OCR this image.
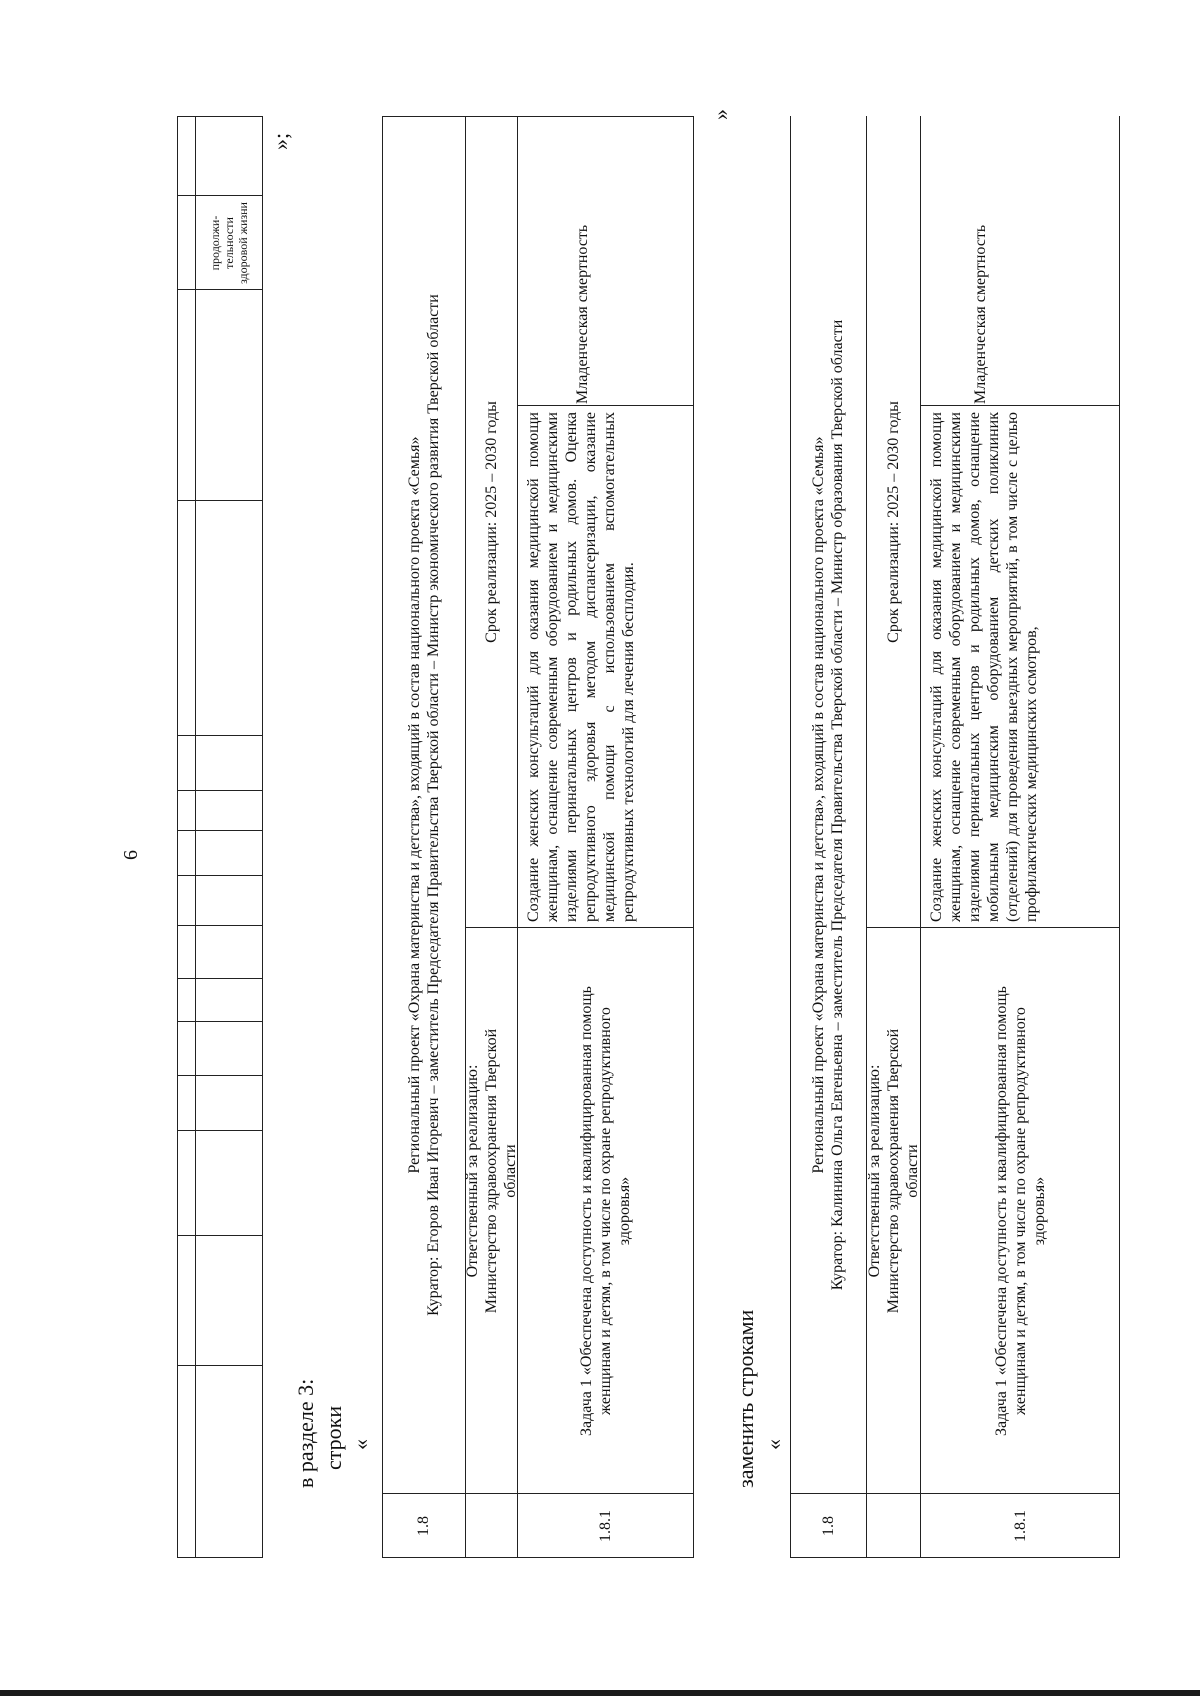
6
продолжи-тельности здоровой жизни
»;
в разделе 3: строки «
1.8
Региональный проект «Охрана материнства и детства», входящий в состав национального проекта «Семья» Куратор: Егоров Иван Игоревич – заместитель Председателя Правительства Тверской области – Министр экономического развития Тверской области Ответственный за реализацию: Министерство здравоохранения Тверской области
Срок реализации: 2025 – 2030 годы
1.8.1
Задача 1 «Обеспечена доступность и квалифицированная помощь женщинам и детям, в том числе по охране репродуктивного здоровья»
Создание женских консультаций для оказания медицинской помощи женщинам, оснащение современным оборудованием и медицинскими изделиями перинатальных центров и родильных домов. Оценка репродуктивного здоровья методом диспансеризации, оказание медицинской помощи с использованием вспомогательных репродуктивных технологий для лечения бесплодия.
Младенческая смертность
»
заменить строками «
1.8
Региональный проект «Охрана материнства и детства», входящий в состав национального проекта «Семья» Куратор: Калинина Ольга Евгеньевна – заместитель Председателя Правительства Тверской области – Министр образования Тверской области Ответственный за реализацию: Министерство здравоохранения Тверской области
Срок реализации: 2025 – 2030 годы
1.8.1
Задача 1 «Обеспечена доступность и квалифицированная помощь женщинам и детям, в том числе по охране репродуктивного здоровья»
Создание женских консультаций для оказания медицинской помощи женщинам, оснащение современным оборудованием и медицинскими изделиями перинатальных центров и родильных домов, оснащение мобильным медицинским оборудованием детских поликлиник (отделений) для проведения выездных мероприятий, в том числе с целью профилактических медицинских осмотров,
Младенческая смертность
